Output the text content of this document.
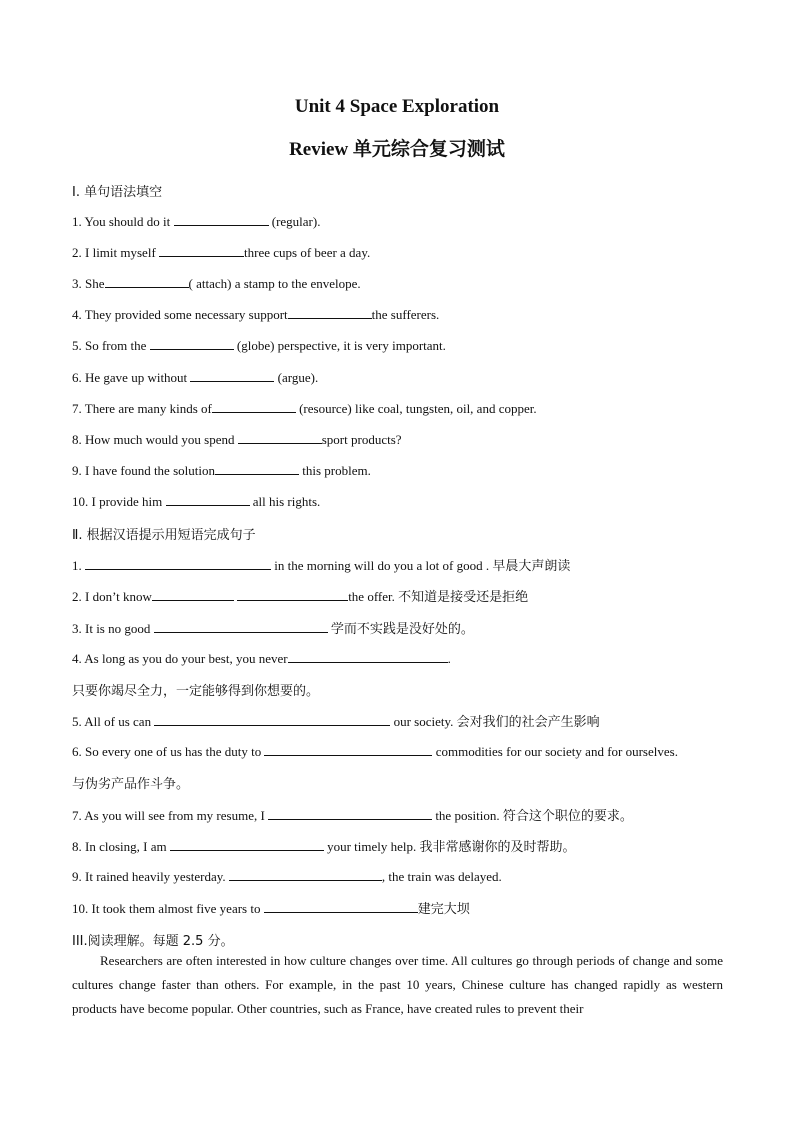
Unit 4 Space Exploration
Review 单元综合复习测试
Ⅰ. 单句语法填空
1. You should do it	(regular).
2. I limit myself	three cups of beer a day.
3. She	( attach) a stamp to the envelope.
4. They provided some necessary support	the sufferers.
5. So from the	(globe) perspective, it is very important.
6. He gave up without	(argue).
7. There are many kinds of	(resource) like coal, tungsten, oil, and copper.
8. How much would you spend	sport products?
9. I have found the solution	this problem.
10. I provide him	all his rights.
Ⅱ. 根据汉语提示用短语完成句子
1.	in the morning will do you a lot of good . 早晨大声朗读
2. I don’t know	the offer. 不知道是接受还是拒绝
3. It is no good	学而不实践是没好处的。
4. As long as you do your best, you never	.
只要你竭尽全力，一定能够得到你想要的。
5. All of us can	our society. 会对我们的社会产生影响
6. So every one of us has the duty to	commodities for our society and for ourselves.
与伪劣产品作斗争。
7. As you will see from my resume, I	the position. 符合这个职位的要求。
8. In closing, I am	your timely help. 我非常感谢你的及时帮助。
9. It rained heavily yesterday.	, the train was delayed.
10. It took them almost five years to	建完大坝
III.阅读理解。每题 2.5 分。
Researchers are often interested in how culture changes over time. All cultures go through periods of change and some cultures change faster than others. For example, in the past 10 years, Chinese culture has changed rapidly as western products have become popular. Other countries, such as France, have created rules to prevent their
